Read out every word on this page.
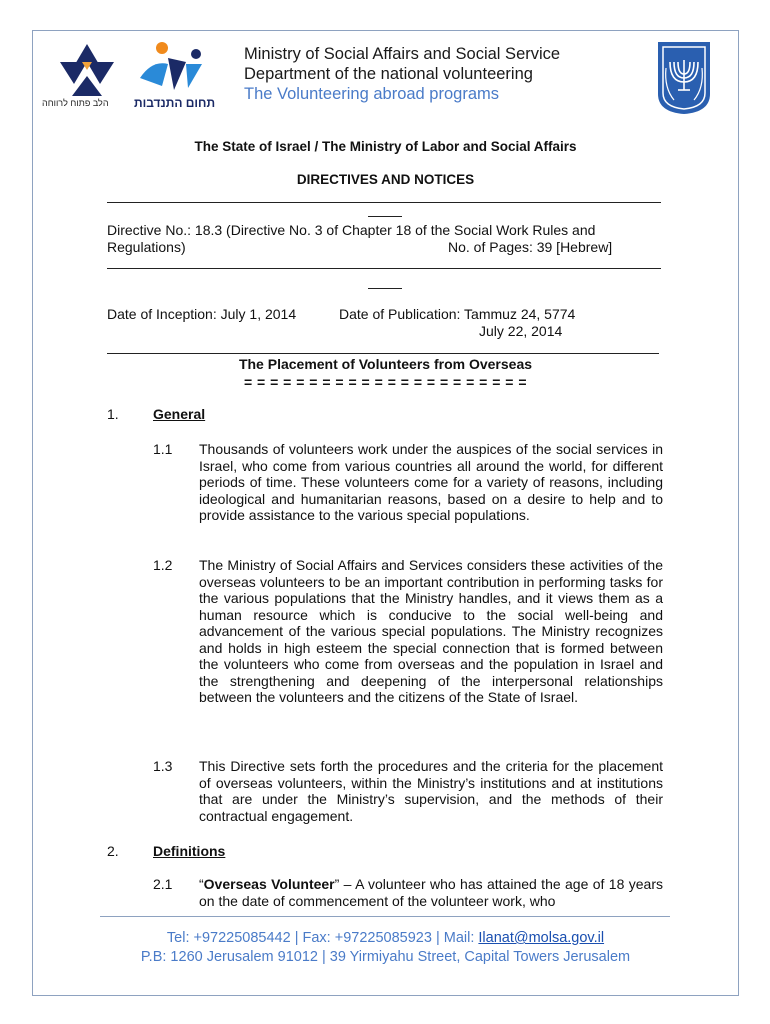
הלב פתוח לרווחה תחום התנדבות
Ministry of Social Affairs and Social Service
Department of the national volunteering
The Volunteering abroad programs
The State of Israel / The Ministry of Labor and Social Affairs
DIRECTIVES AND NOTICES
Directive No.: 18.3 (Directive No. 3 of Chapter 18 of the Social Work Rules and
Regulations)	No. of Pages: 39 [Hebrew]
Date of Inception: July 1, 2014	Date of Publication: Tammuz 24, 5774
July 22, 2014
The Placement of Volunteers from Overseas
= = = = = = = = = = = = = = = = = = = = = =
1. General
1.1 Thousands of volunteers work under the auspices of the social services in Israel, who come from various countries all around the world, for different periods of time. These volunteers come for a variety of reasons, including ideological and humanitarian reasons, based on a desire to help and to provide assistance to the various special populations.
1.2 The Ministry of Social Affairs and Services considers these activities of the overseas volunteers to be an important contribution in performing tasks for the various populations that the Ministry handles, and it views them as a human resource which is conducive to the social well-being and advancement of the various special populations. The Ministry recognizes and holds in high esteem the special connection that is formed between the volunteers who come from overseas and the population in Israel and the strengthening and deepening of the interpersonal relationships between the volunteers and the citizens of the State of Israel.
1.3 This Directive sets forth the procedures and the criteria for the placement of overseas volunteers, within the Ministry’s institutions and at institutions that are under the Ministry’s supervision, and the methods of their contractual engagement.
2. Definitions
2.1 “Overseas Volunteer” – A volunteer who has attained the age of 18 years on the date of commencement of the volunteer work, who
Tel: +97225085442 | Fax: +97225085923 | Mail: Ilanat@molsa.gov.il
P.B: 1260 Jerusalem 91012 | 39 Yirmiyahu Street, Capital Towers Jerusalem
